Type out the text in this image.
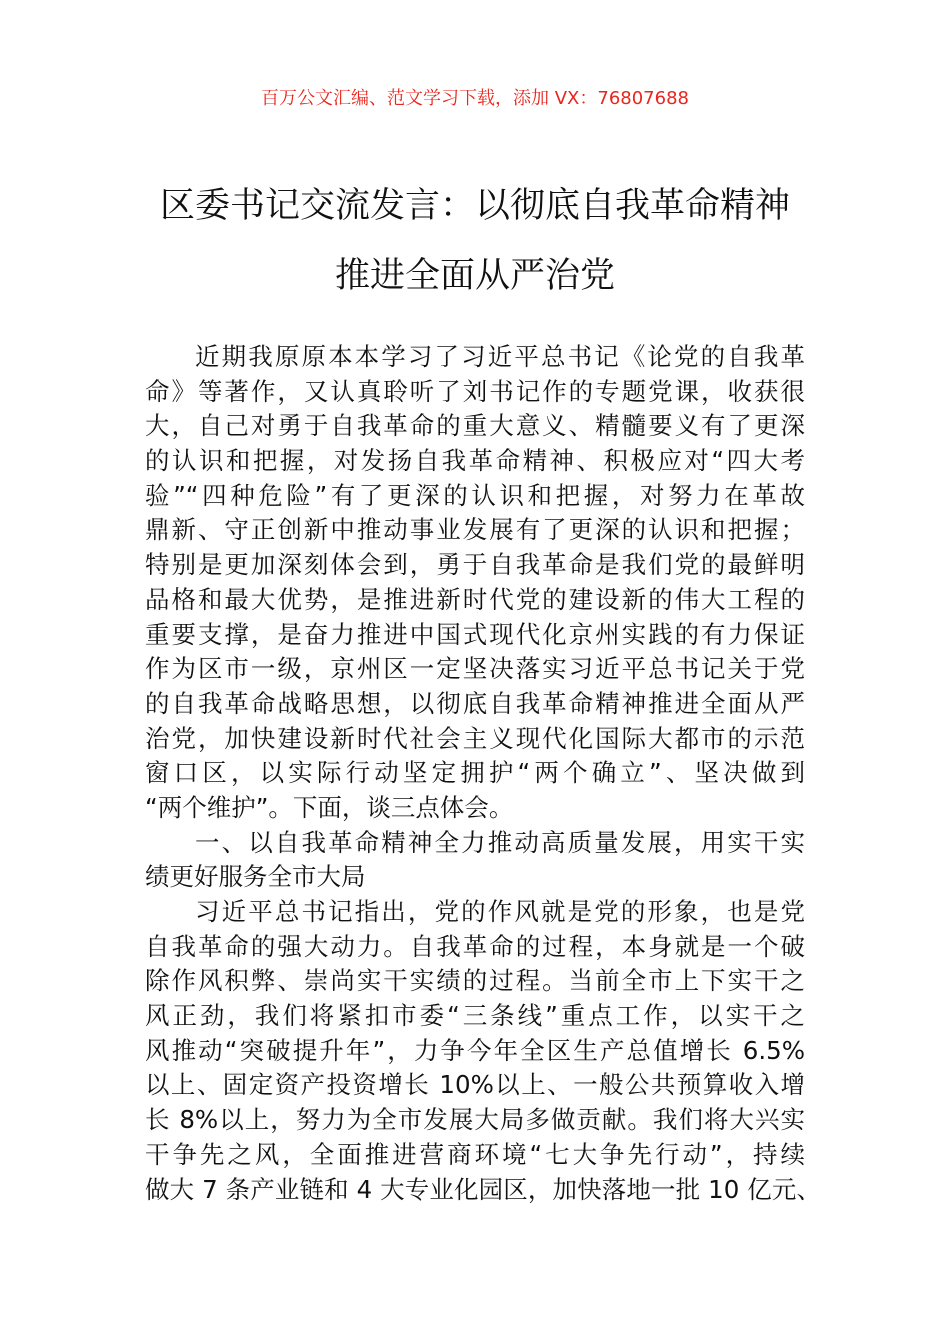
百万公文汇编、范文学习下载，添加 VX：76807688
区委书记交流发言：以彻底自我革命精神
推进全面从严治党
近期我原原本本学习了习近平总书记《论党的自我革
命》等著作，又认真聆听了刘书记作的专题党课，收获很
大，自己对勇于自我革命的重大意义、精髓要义有了更深
的认识和把握，对发扬自我革命精神、积极应对“四大考
验”“四种危险”有了更深的认识和把握，对努力在革故
鼎新、守正创新中推动事业发展有了更深的认识和把握；
特别是更加深刻体会到，勇于自我革命是我们党的最鲜明
品格和最大优势，是推进新时代党的建设新的伟大工程的
重要支撑，是奋力推进中国式现代化京州实践的有力保证
作为区市一级，京州区一定坚决落实习近平总书记关于党
的自我革命战略思想，以彻底自我革命精神推进全面从严
治党，加快建设新时代社会主义现代化国际大都市的示范
窗口区，以实际行动坚定拥护“两个确立”、坚决做到
“两个维护”。下面，谈三点体会。
一、以自我革命精神全力推动高质量发展，用实干实
绩更好服务全市大局
习近平总书记指出，党的作风就是党的形象，也是党
自我革命的强大动力。自我革命的过程，本身就是一个破
除作风积弊、崇尚实干实绩的过程。当前全市上下实干之
风正劲，我们将紧扣市委“三条线”重点工作，以实干之
风推动“突破提升年”，力争今年全区生产总值增长 6.5%
以上、固定资产投资增长 10%以上、一般公共预算收入增
长 8%以上，努力为全市发展大局多做贡献。我们将大兴实
干争先之风，全面推进营商环境“七大争先行动”，持续
做大 7 条产业链和 4 大专业化园区，加快落地一批 10 亿元、
